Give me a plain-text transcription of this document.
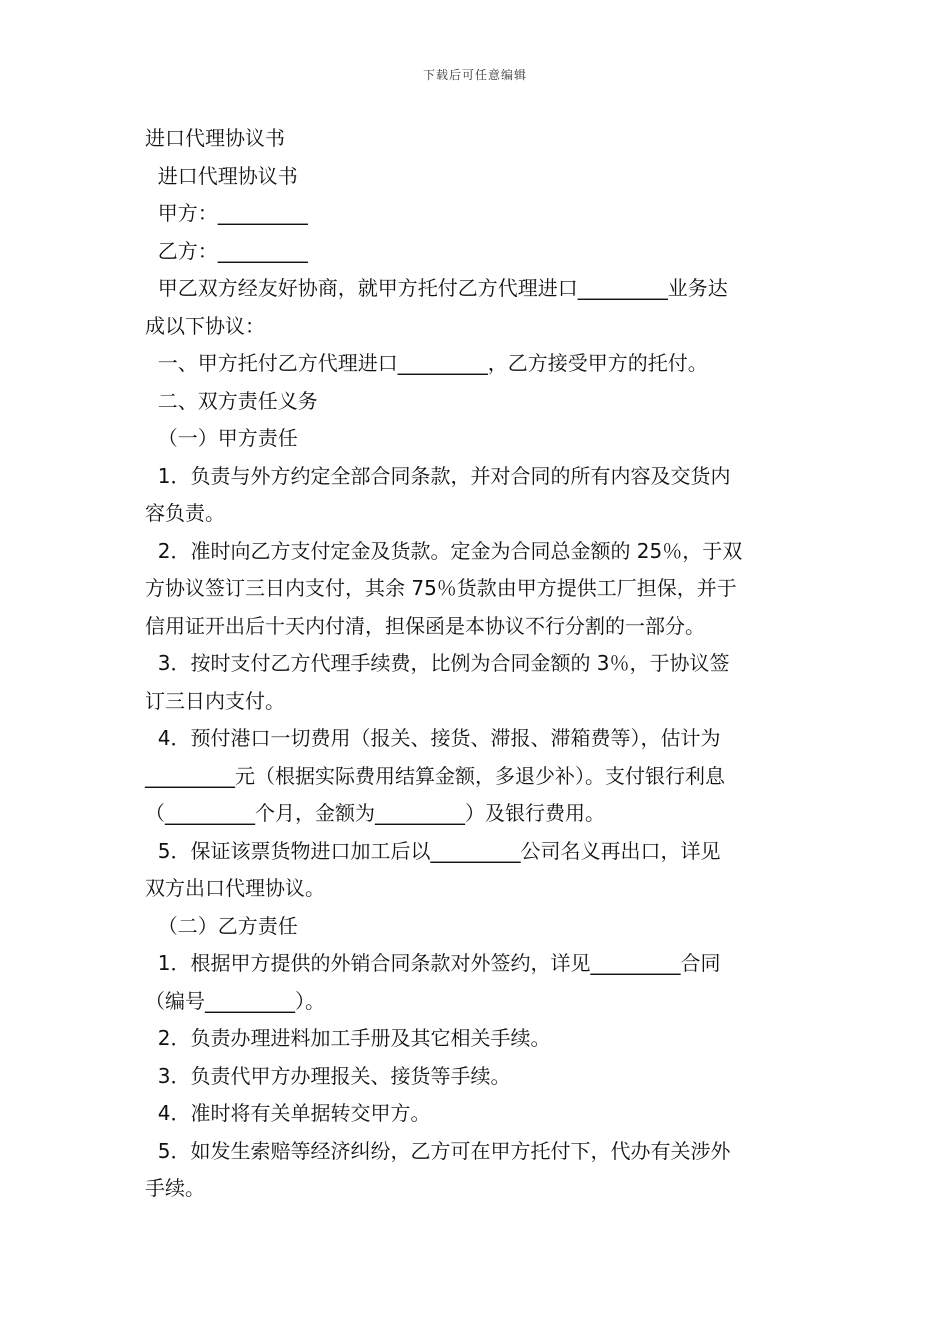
下载后可任意编辑

进口代理协议书

进口代理协议书

甲方：_________

乙方：_________

甲乙双方经友好协商，就甲方托付乙方代理进口_________业务达

成以下协议：

一、甲方托付乙方代理进口_________，乙方接受甲方的托付。

二、双方责任义务

（一）甲方责任

1．负责与外方约定全部合同条款，并对合同的所有内容及交货内

容负责。

2．准时向乙方支付定金及货款。定金为合同总金额的 25％，于双

方协议签订三日内支付，其余 75％货款由甲方提供工厂担保，并于

信用证开出后十天内付清，担保函是本协议不行分割的一部分。

3．按时支付乙方代理手续费，比例为合同金额的 3％，于协议签

订三日内支付。

4．预付港口一切费用（报关、接货、滞报、滞箱费等），估计为

_________元（根据实际费用结算金额，多退少补）。支付银行利息

（_________个月，金额为_________）及银行费用。

5．保证该票货物进口加工后以_________公司名义再出口，详见

双方出口代理协议。

（二）乙方责任

1．根据甲方提供的外销合同条款对外签约，详见_________合同

（编号_________）。

2．负责办理进料加工手册及其它相关手续。

3．负责代甲方办理报关、接货等手续。

4．准时将有关单据转交甲方。

5．如发生索赔等经济纠纷，乙方可在甲方托付下，代办有关涉外

手续。
